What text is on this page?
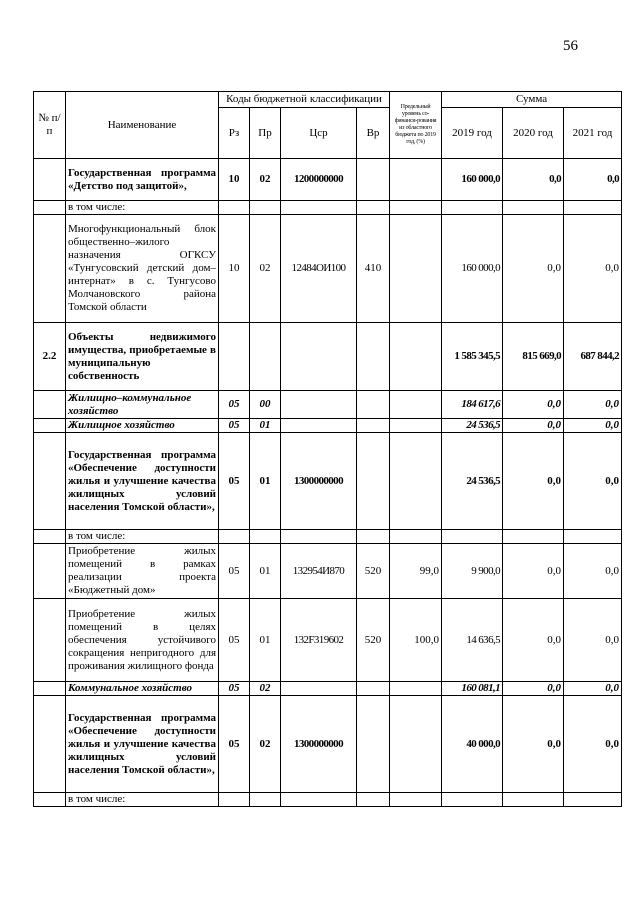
56
№ п/п	Наименование	Коды бюджетной классификации				Предельный уровень со-финанси-рования из областного бюджета по 2019 год, (%)	Сумма		
		Рз	Пр	Цср	Вр		2019 год	2020 год	2021 год
	Государственная программа «Детство под защитой»,	10	02	1200000000			160 000,0	0,0	0,0
	в том числе:								
	Многофункциональный блок общественно–жилого назначения ОГКСУ «Тунгусовский детский дом–интернат» в с. Тунгусово Молчановского района Томской области	10	02	12484ОИ100	410		160 000,0	0,0	0,0
2.2	Объекты недвижимого имущества, приобретаемые в муниципальную собственность						1 585 345,5	815 669,0	687 844,2
	Жилищно–коммунальное хозяйство	05	00				184 617,6	0,0	0,0
	Жилищное хозяйство	05	01				24 536,5	0,0	0,0
	Государственная программа «Обеспечение доступности жилья и улучшение качества жилищных условий населения Томской области»,	05	01	1300000000			24 536,5	0,0	0,0
	в том числе:								
	Приобретение жилых помещений в рамках реализации проекта «Бюджетный дом»	05	01	132954И870	520	99,0	9 900,0	0,0	0,0
	Приобретение жилых помещений в целях обеспечения устойчивого сокращения непригодного для проживания жилищного фонда	05	01	132F319602	520	100,0	14 636,5	0,0	0,0
	Коммунальное хозяйство	05	02				160 081,1	0,0	0,0
	Государственная программа «Обеспечение доступности жилья и улучшение качества жилищных условий населения Томской области»,	05	02	1300000000			40 000,0	0,0	0,0
	в том числе:								
